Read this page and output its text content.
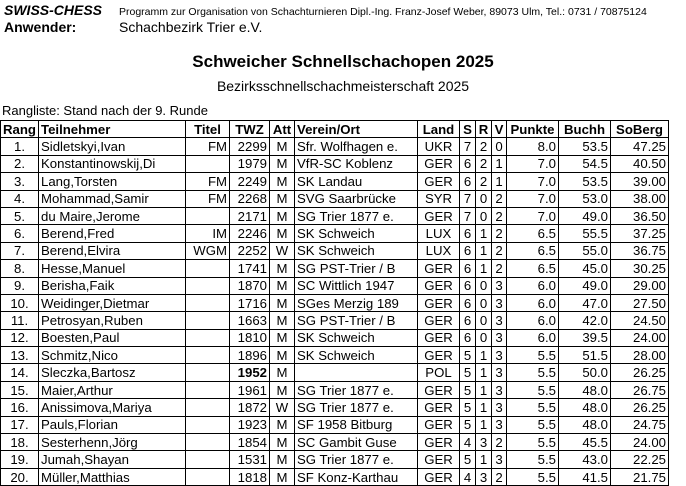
SWISS-CHESS	Programm zur Organisation von Schachturnieren Dipl.-Ing. Franz-Josef Weber, 89073 Ulm, Tel.: 0731 / 70875124
Anwender:	Schachbezirk Trier e.V.
Schweicher Schnellschachopen 2025
Bezirksschnellschachmeisterschaft 2025
Rangliste: Stand nach der 9. Runde
Rang	Teilnehmer	Titel	TWZ	Att	Verein/Ort	Land	S	R	V	Punkte	Buchh	SoBerg
1.	Sidletskyi,Ivan	FM	2299	M	Sfr. Wolfhagen e.	UKR	7	2	0	8.0	53.5	47.25
2.	Konstantinowskij,Di		1979	M	VfR-SC Koblenz	GER	6	2	1	7.0	54.5	40.50
3.	Lang,Torsten	FM	2249	M	SK Landau	GER	6	2	1	7.0	53.5	39.00
4.	Mohammad,Samir	FM	2268	M	SVG Saarbrücke	SYR	7	0	2	7.0	53.0	38.00
5.	du Maire,Jerome		2171	M	SG Trier 1877 e.	GER	7	0	2	7.0	49.0	36.50
6.	Berend,Fred	IM	2246	M	SK Schweich	LUX	6	1	2	6.5	55.5	37.25
7.	Berend,Elvira	WGM	2252	W	SK Schweich	LUX	6	1	2	6.5	55.0	36.75
8.	Hesse,Manuel		1741	M	SG PST-Trier / B	GER	6	1	2	6.5	45.0	30.25
9.	Berisha,Faik		1870	M	SC Wittlich 1947	GER	6	0	3	6.0	49.0	29.00
10.	Weidinger,Dietmar		1716	M	SGes Merzig 189	GER	6	0	3	6.0	47.0	27.50
11.	Petrosyan,Ruben		1663	M	SG PST-Trier / B	GER	6	0	3	6.0	42.0	24.50
12.	Boesten,Paul		1810	M	SK Schweich	GER	6	0	3	6.0	39.5	24.00
13.	Schmitz,Nico		1896	M	SK Schweich	GER	5	1	3	5.5	51.5	28.00
14.	Sleczka,Bartosz		1952	M		POL	5	1	3	5.5	50.0	26.25
15.	Maier,Arthur		1961	M	SG Trier 1877 e.	GER	5	1	3	5.5	48.0	26.75
16.	Anissimova,Mariya		1872	W	SG Trier 1877 e.	GER	5	1	3	5.5	48.0	26.25
17.	Pauls,Florian		1923	M	SF 1958 Bitburg	GER	5	1	3	5.5	48.0	24.75
18.	Sesterhenn,Jörg		1854	M	SC Gambit Guse	GER	4	3	2	5.5	45.5	24.00
19.	Jumah,Shayan		1531	M	SG Trier 1877 e.	GER	5	1	3	5.5	43.0	22.25
20.	Müller,Matthias		1818	M	SF Konz-Karthau	GER	4	3	2	5.5	41.5	21.75
